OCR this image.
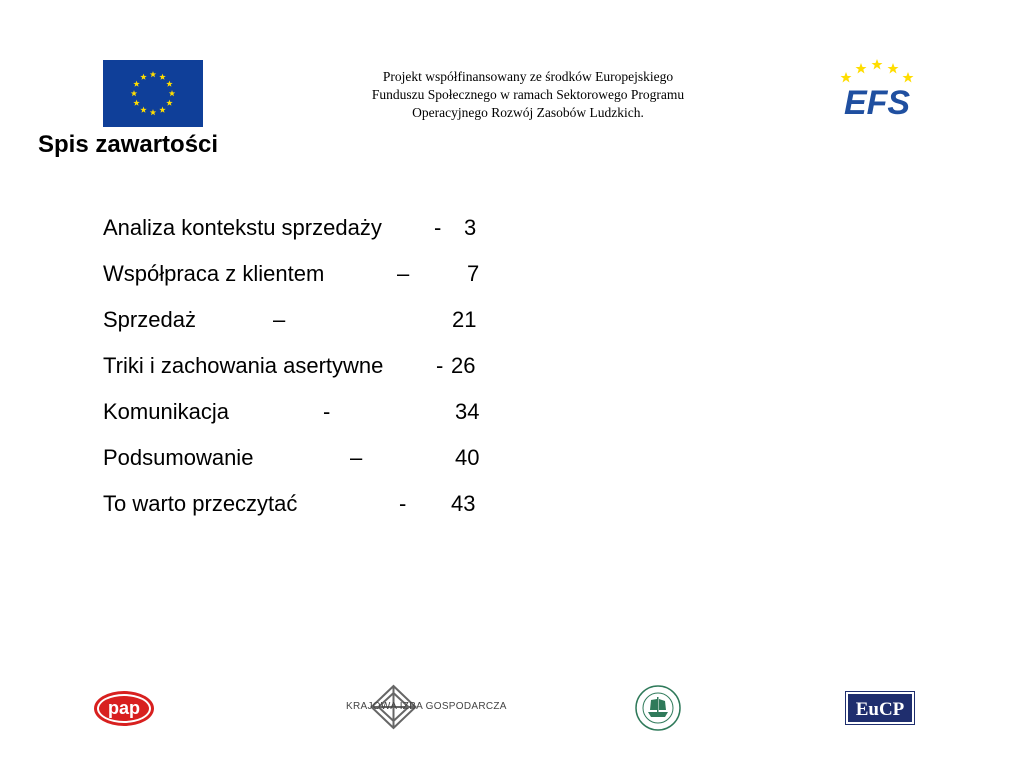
Projekt współfinansowany ze środków Europejskiego
Funduszu Społecznego w ramach Sektorowego Programu
Operacyjnego Rozwój Zasobów Ludzkich.	EFS
Spis zawartości
Analiza kontekstu sprzedaży - 3
Współpraca z klientem	–	7
Sprzedaż	–	21
Triki i zachowania asertywne - 26
Komunikacja	-	34
Podsumowanie	–	40
To warto przeczytać	- 43
pap	KRAJOWA IZBA GOSPODARCZA	EuCP
